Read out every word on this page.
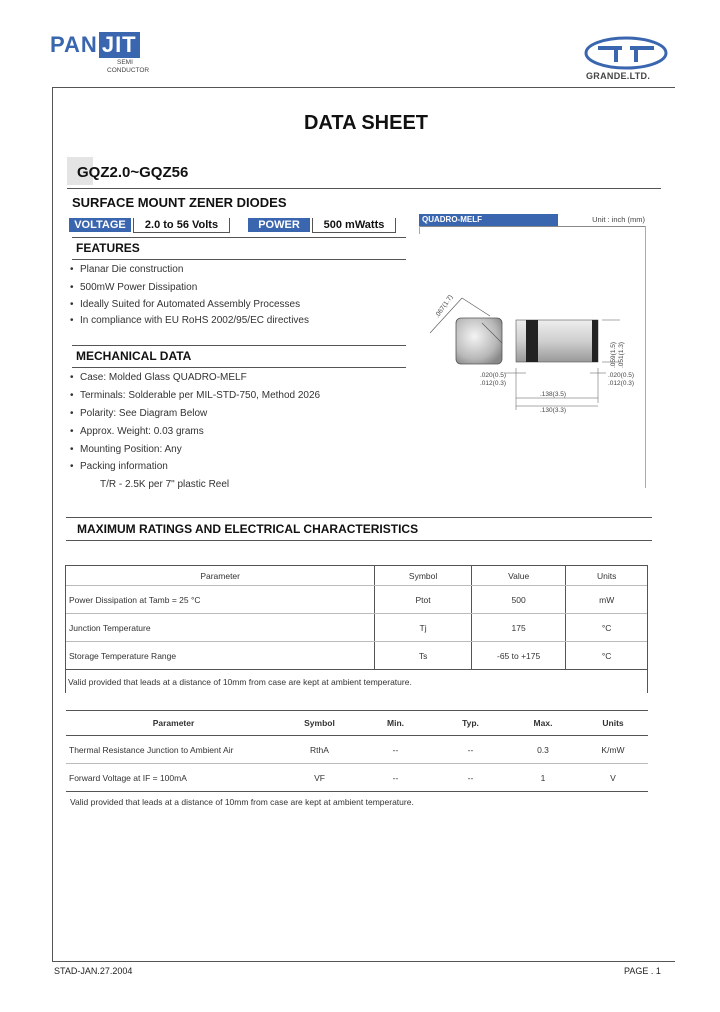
PAN JIT
SEMI
CONDUCTOR
GRANDE.LTD.
DATA SHEET
GQZ2.0~GQZ56
SURFACE MOUNT ZENER DIODES
VOLTAGE	2.0 to 56 Volts	POWER	500 mWatts	QUADRO-MELF	Unit : inch (mm)
.067(1.7)
.138(3.5)
.130(3.3)
.020(0.5)
.012(0.3)
.020(0.5)
.012(0.3)
.059(1.5) .051(1.3)
FEATURES
• Planar Die construction
• 500mW Power Dissipation
• Ideally Suited for Automated Assembly Processes
• In compliance with EU RoHS 2002/95/EC directives
MECHANICAL DATA
• Case: Molded Glass QUADRO-MELF
• Terminals: Solderable per MIL-STD-750, Method 2026
• Polarity: See Diagram Below
• Approx. Weight: 0.03 grams
• Mounting Position: Any
• Packing information
T/R - 2.5K per 7" plastic Reel
MAXIMUM RATINGS AND ELECTRICAL CHARACTERISTICS
Parameter	Symbol	Value	Units
Power Dissipation at Tamb = 25 °C	Ptot	500	mW
Junction Temperature	Tj	175	°C
Storage Temperature Range	Ts	-65 to +175	°C
Valid provided that leads at a distance of 10mm from case are kept at ambient temperature.
Parameter	Symbol	Min.	Typ.	Max.	Units
Thermal Resistance Junction to Ambient Air	RthA	--	--	0.3	K/mW
Forward Voltage at IF = 100mA	VF	--	--	1	V
Valid provided that leads at a distance of 10mm from case are kept at ambient temperature.
STAD-JAN.27.2004	PAGE . 1
